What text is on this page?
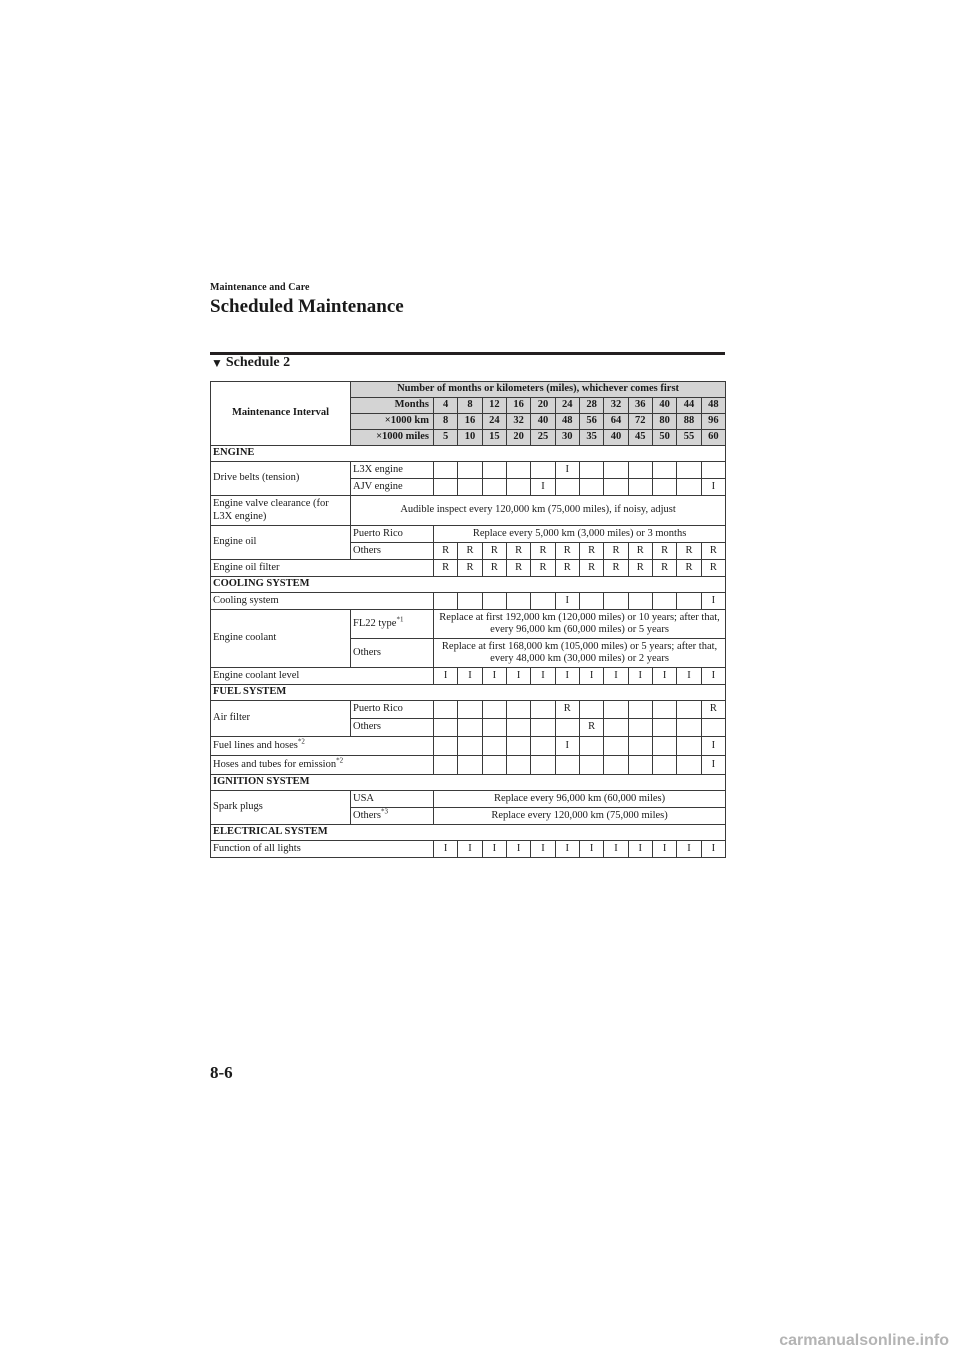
Maintenance and Care
Scheduled Maintenance
▼ Schedule 2
Maintenance Interval	Number of months or kilometers (miles), whichever comes first												
	Months	4	8	12	16	20	24	28	32	36	40	44	48
	×1000 km	8	16	24	32	40	48	56	64	72	80	88	96
	×1000 miles	5	10	15	20	25	30	35	40	45	50	55	60
ENGINE													
Drive belts (tension)	L3X engine						I						
	AJV engine					I							I
Engine valve clearance (for L3X engine)	Audible inspect every 120,000 km (75,000 miles), if noisy, adjust												
Engine oil	Puerto Rico	Replace every 5,000 km (3,000 miles) or 3 months											
	Others	R	R	R	R	R	R	R	R	R	R	R	R
Engine oil filter		R	R	R	R	R	R	R	R	R	R	R	R
COOLING SYSTEM													
Cooling system							I						I
Engine coolant	FL22 type$^{*1}$	Replace at first 192,000 km (120,000 miles) or 10 years; after that, every 96,000 km (60,000 miles) or 5 years											
	Others	Replace at first 168,000 km (105,000 miles) or 5 years; after that, every 48,000 km (30,000 miles) or 2 years											
Engine coolant level		I	I	I	I	I	I	I	I	I	I	I	I
FUEL SYSTEM													
Air filter	Puerto Rico						R						R
	Others							R					
Fuel lines and hoses$^{*2}$							I						I
Hoses and tubes for emission$^{*2}$													I
IGNITION SYSTEM													
Spark plugs	USA	Replace every 96,000 km (60,000 miles)											
	Others$^{*3}$	Replace every 120,000 km (75,000 miles)											
ELECTRICAL SYSTEM													
Function of all lights		I	I	I	I	I	I	I	I	I	I	I	I
8-6
carmanualsonline.info
